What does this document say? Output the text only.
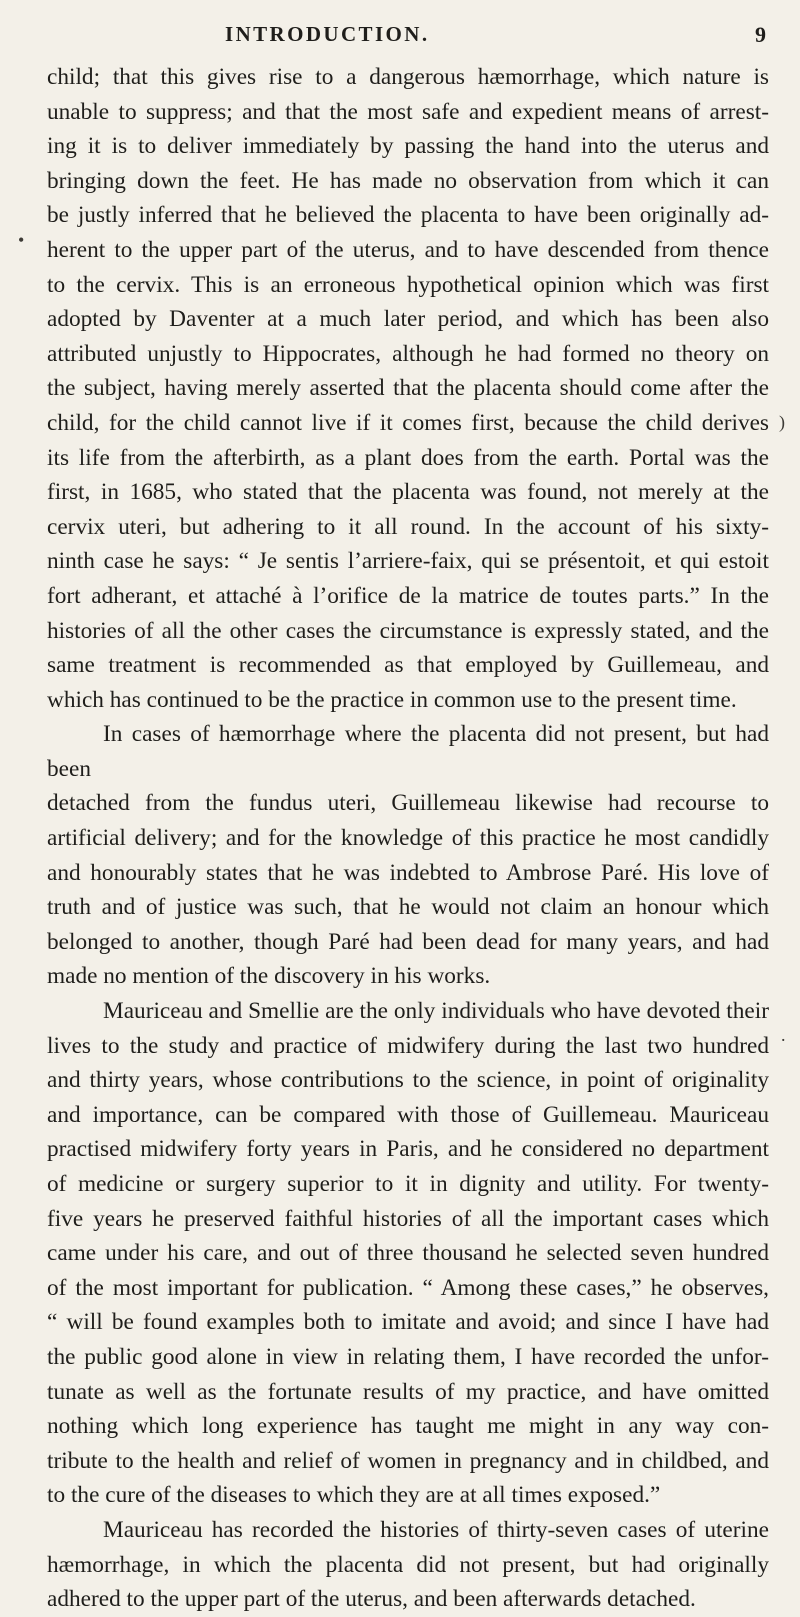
INTRODUCTION.	9
•
)
.
child; that this gives rise to a dangerous hæmorrhage, which nature is
unable to suppress; and that the most safe and expedient means of arrest-
ing it is to deliver immediately by passing the hand into the uterus and
bringing down the feet. He has made no observation from which it can
be justly inferred that he believed the placenta to have been originally ad-
herent to the upper part of the uterus, and to have descended from thence
to the cervix. This is an erroneous hypothetical opinion which was first
adopted by Daventer at a much later period, and which has been also
attributed unjustly to Hippocrates, although he had formed no theory on
the subject, having merely asserted that the placenta should come after the
child, for the child cannot live if it comes first, because the child derives
its life from the afterbirth, as a plant does from the earth. Portal was the
first, in 1685, who stated that the placenta was found, not merely at the
cervix uteri, but adhering to it all round. In the account of his sixty-
ninth case he says: “ Je sentis l’arriere-faix, qui se présentoit, et qui estoit
fort adherant, et attaché à l’orifice de la matrice de toutes parts.” In the
histories of all the other cases the circumstance is expressly stated, and the
same treatment is recommended as that employed by Guillemeau, and
which has continued to be the practice in common use to the present time.
In cases of hæmorrhage where the placenta did not present, but had been
detached from the fundus uteri, Guillemeau likewise had recourse to
artificial delivery; and for the knowledge of this practice he most candidly
and honourably states that he was indebted to Ambrose Paré. His love of
truth and of justice was such, that he would not claim an honour which
belonged to another, though Paré had been dead for many years, and had
made no mention of the discovery in his works.
Mauriceau and Smellie are the only individuals who have devoted their
lives to the study and practice of midwifery during the last two hundred
and thirty years, whose contributions to the science, in point of originality
and importance, can be compared with those of Guillemeau. Mauriceau
practised midwifery forty years in Paris, and he considered no department
of medicine or surgery superior to it in dignity and utility. For twenty-
five years he preserved faithful histories of all the important cases which
came under his care, and out of three thousand he selected seven hundred
of the most important for publication. “ Among these cases,” he observes,
“ will be found examples both to imitate and avoid; and since I have had
the public good alone in view in relating them, I have recorded the unfor-
tunate as well as the fortunate results of my practice, and have omitted
nothing which long experience has taught me might in any way con-
tribute to the health and relief of women in pregnancy and in childbed, and
to the cure of the diseases to which they are at all times exposed.”
Mauriceau has recorded the histories of thirty-seven cases of uterine
hæmorrhage, in which the placenta did not present, but had originally
adhered to the upper part of the uterus, and been afterwards detached.
